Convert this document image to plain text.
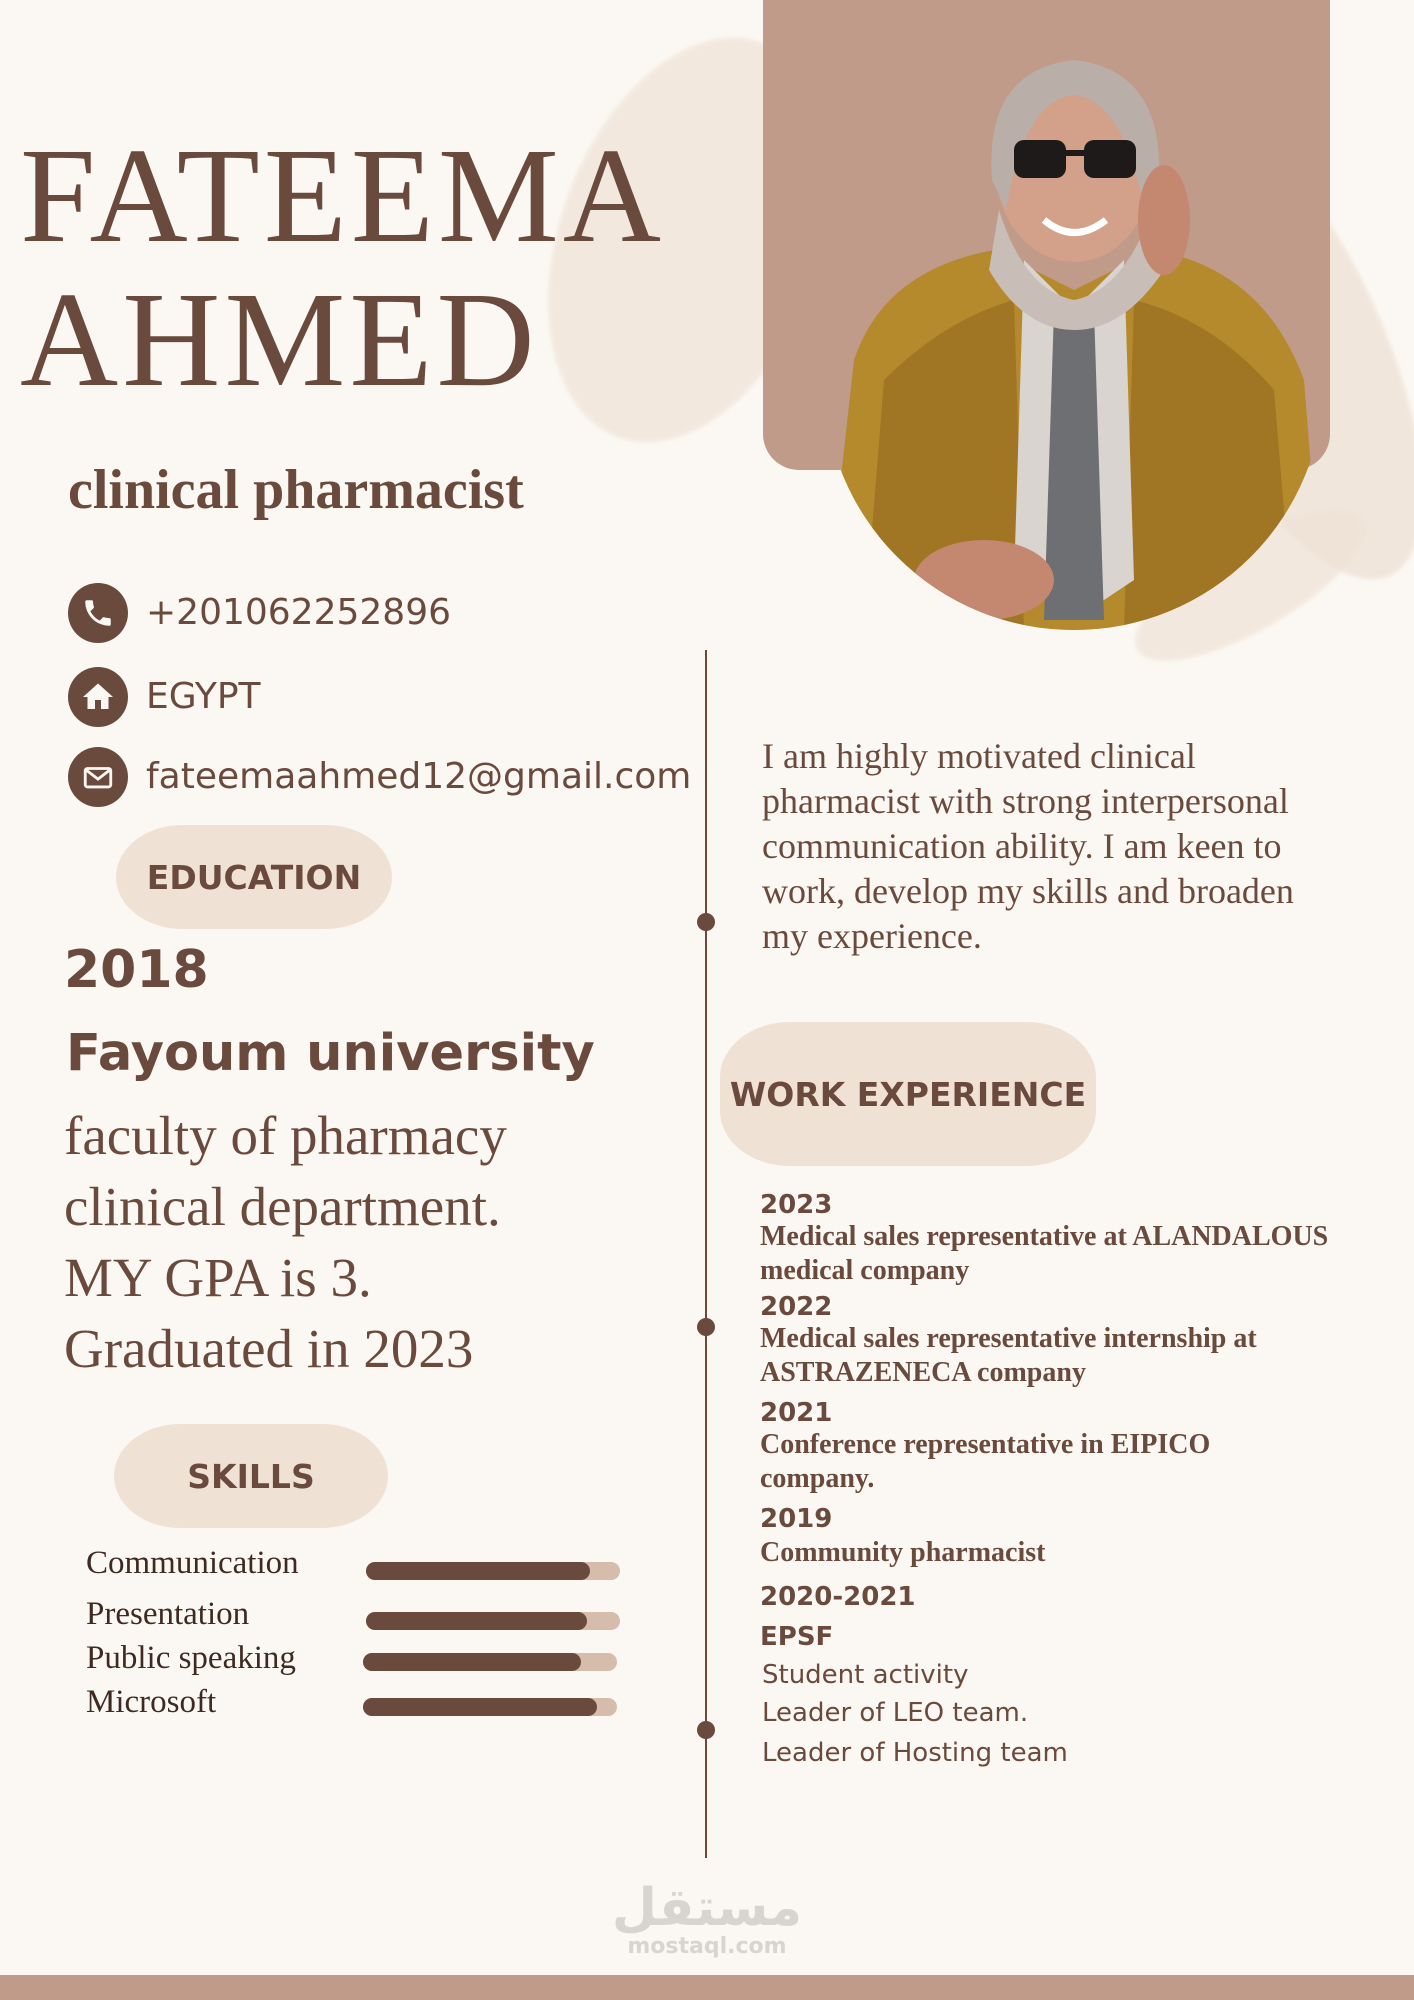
FATEEMA
AHMED
clinical pharmacist
+201062252896
EGYPT
fateemaahmed12@gmail.com
EDUCATION
2018
Fayoum university
faculty of pharmacy
clinical department.
MY GPA is 3.
Graduated in 2023
SKILLS
Communication
Presentation
Public speaking
Microsoft
I am highly motivated clinical pharmacist with strong interpersonal communication ability. I am keen to work, develop my skills and broaden my experience.
WORK EXPERIENCE
2023
Medical sales representative at ALANDALOUS medical company
2022
Medical sales representative internship at ASTRAZENECA company
2021
Conference representative in EIPICO company.
2019
Community pharmacist
2020-2021
EPSF
Student activity
Leader of LEO team.
Leader of Hosting team
مستقل
mostaql.com
